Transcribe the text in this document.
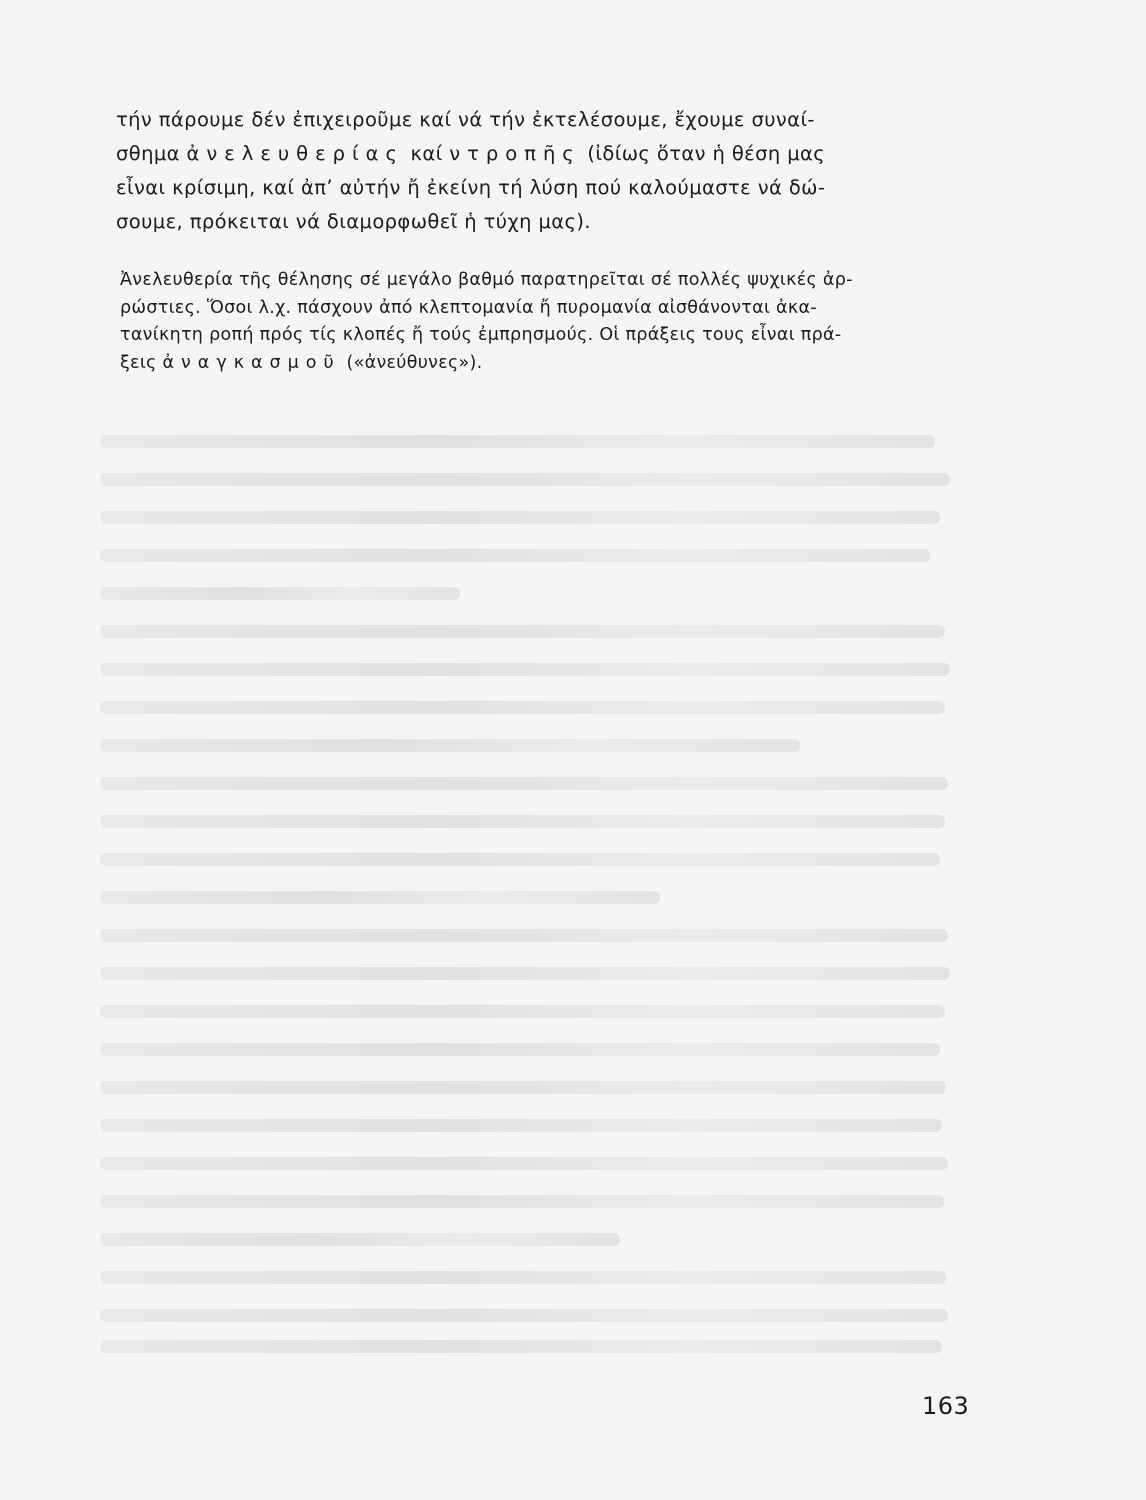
τήν πάρουμε δέν ἐπιχειροῦμε καί νά τήν ἐκτελέσουμε, ἔχουμε συναί-
σθημα ἀνελευθερίας καί ντροπῆς (ἰδίως ὅταν ἡ θέση μας
εἶναι κρίσιμη, καί ἀπ’ αὐτήν ἤ ἐκείνη τή λύση πού καλούμαστε νά δώ-
σουμε, πρόκειται νά διαμορφωθεῖ ἡ τύχη μας).

Ἀνελευθερία τῆς θέλησης σέ μεγάλο βαθμό παρατηρεῖται σέ πολλές ψυχικές ἀρ-
ρώστιες. Ὅσοι λ.χ. πάσχουν ἀπό κλεπτομανία ἤ πυρομανία αἰσθάνονται ἀκα-
τανίκητη ροπή πρός τίς κλοπές ἤ τούς ἐμπρησμούς. Οἱ πράξεις τους εἶναι πρά-
ξεις ἀναγκασμοῦ («ἀνεύθυνες»).

163
